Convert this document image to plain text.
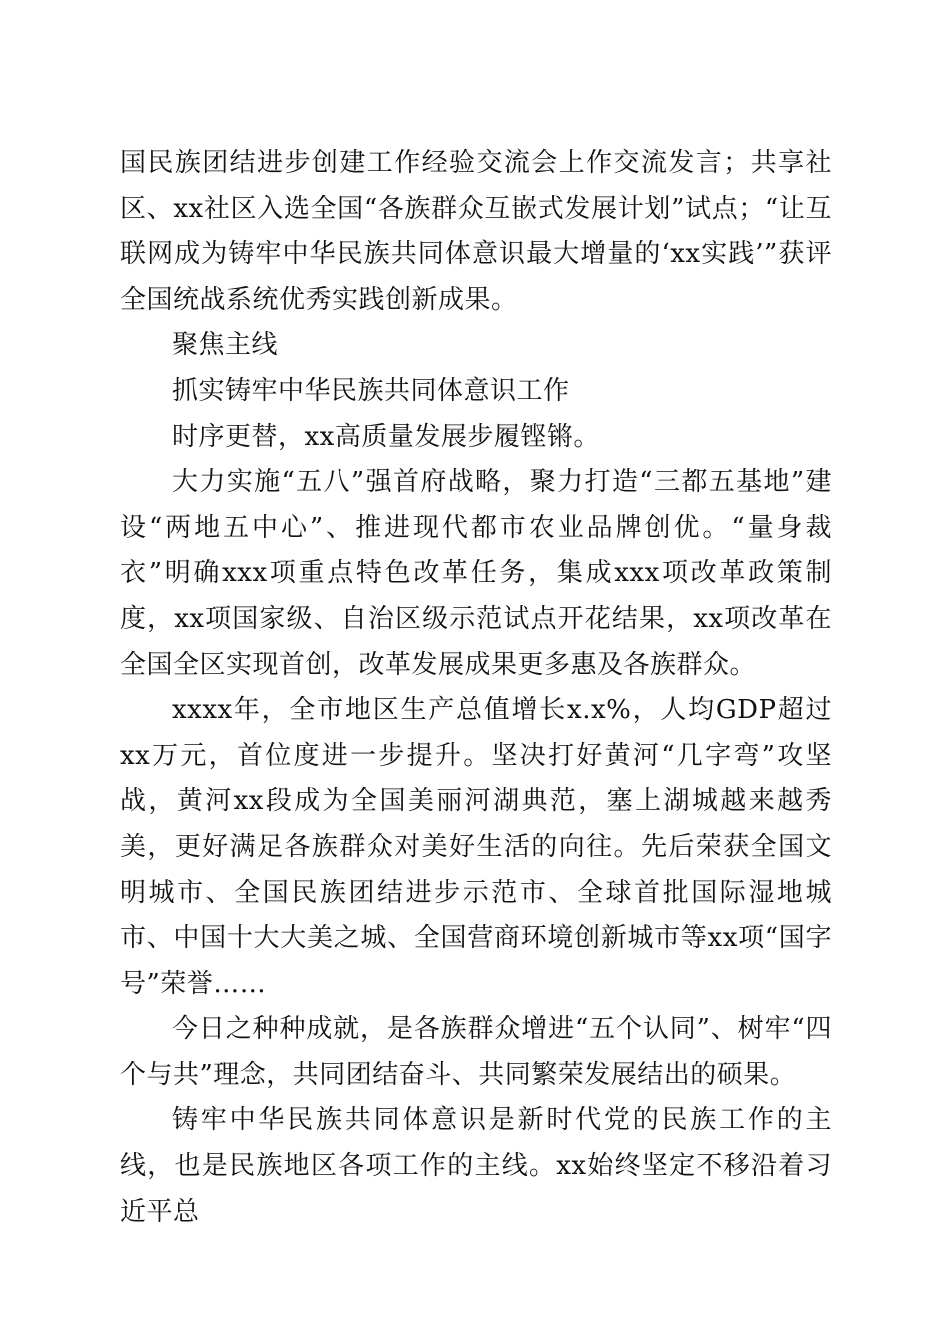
国民族团结进步创建工作经验交流会上作交流发言；共享社区、xx社区入选全国“各族群众互嵌式发展计划”试点；“让互联网成为铸牢中华民族共同体意识最大增量的‘xx实践’”获评全国统战系统优秀实践创新成果。

聚焦主线

抓实铸牢中华民族共同体意识工作

时序更替，xx高质量发展步履铿锵。

大力实施“五八”强首府战略，聚力打造“三都五基地”建设“两地五中心”、推进现代都市农业品牌创优。“量身裁衣”明确xxx项重点特色改革任务，集成xxx项改革政策制度，xx项国家级、自治区级示范试点开花结果，xx项改革在全国全区实现首创，改革发展成果更多惠及各族群众。

xxxx年，全市地区生产总值增长x.x%，人均GDP超过xx万元，首位度进一步提升。坚决打好黄河“几字弯”攻坚战，黄河xx段成为全国美丽河湖典范，塞上湖城越来越秀美，更好满足各族群众对美好生活的向往。先后荣获全国文明城市、全国民族团结进步示范市、全球首批国际湿地城市、中国十大大美之城、全国营商环境创新城市等xx项“国字号”荣誉……

今日之种种成就，是各族群众增进“五个认同”、树牢“四个与共”理念，共同团结奋斗、共同繁荣发展结出的硕果。

铸牢中华民族共同体意识是新时代党的民族工作的主线，也是民族地区各项工作的主线。xx始终坚定不移沿着习近平总
